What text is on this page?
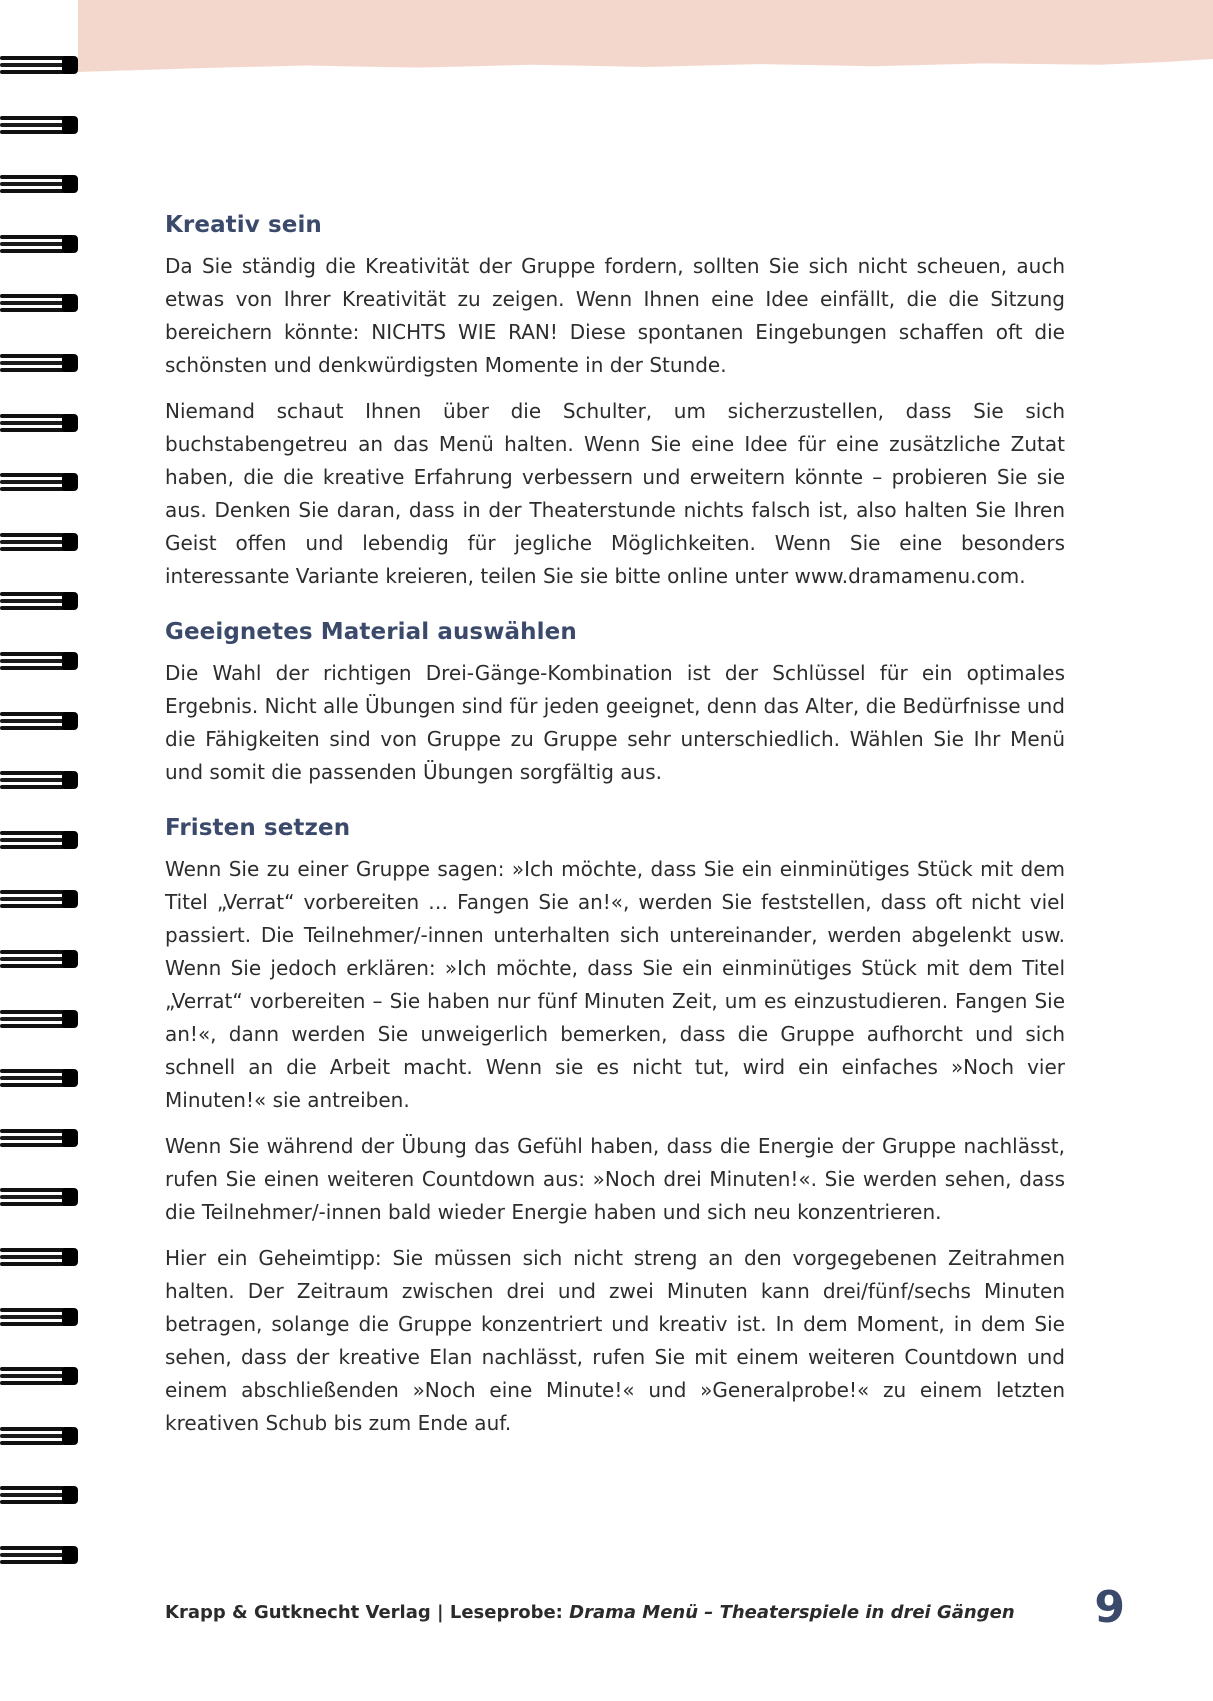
Kreativ sein

Da Sie ständig die Kreativität der Gruppe fordern, sollten Sie sich nicht scheuen, auch etwas von Ihrer Kreativität zu zeigen. Wenn Ihnen eine Idee einfällt, die die Sitzung bereichern könnte: NICHTS WIE RAN! Diese spontanen Eingebungen schaffen oft die schönsten und denkwürdigsten Momente in der Stunde.

Niemand schaut Ihnen über die Schulter, um sicherzustellen, dass Sie sich buchstabengetreu an das Menü halten. Wenn Sie eine Idee für eine zusätzliche Zutat haben, die die kreative Erfahrung verbessern und erweitern könnte – probieren Sie sie aus. Denken Sie daran, dass in der Theaterstunde nichts falsch ist, also halten Sie Ihren Geist offen und lebendig für jegliche Möglichkeiten. Wenn Sie eine besonders interessante Variante kreieren, teilen Sie sie bitte online unter www.dramamenu.com.

Geeignetes Material auswählen

Die Wahl der richtigen Drei-Gänge-Kombination ist der Schlüssel für ein optimales Ergebnis. Nicht alle Übungen sind für jeden geeignet, denn das Alter, die Bedürfnisse und die Fähigkeiten sind von Gruppe zu Gruppe sehr unterschiedlich. Wählen Sie Ihr Menü und somit die passenden Übungen sorgfältig aus.

Fristen setzen

Wenn Sie zu einer Gruppe sagen: »Ich möchte, dass Sie ein einminütiges Stück mit dem Titel „Verrat“ vorbereiten … Fangen Sie an!«, werden Sie feststellen, dass oft nicht viel passiert. Die Teilnehmer/-innen unterhalten sich untereinander, werden abgelenkt usw. Wenn Sie jedoch erklären: »Ich möchte, dass Sie ein einminütiges Stück mit dem Titel „Verrat“ vorbereiten – Sie haben nur fünf Minuten Zeit, um es einzustudieren. Fangen Sie an!«, dann werden Sie unweigerlich bemerken, dass die Gruppe aufhorcht und sich schnell an die Arbeit macht. Wenn sie es nicht tut, wird ein einfaches »Noch vier Minuten!« sie antreiben.

Wenn Sie während der Übung das Gefühl haben, dass die Energie der Gruppe nachlässt, rufen Sie einen weiteren Countdown aus: »Noch drei Minuten!«. Sie werden sehen, dass die Teilnehmer/-innen bald wieder Energie haben und sich neu konzentrieren.

Hier ein Geheimtipp: Sie müssen sich nicht streng an den vorgegebenen Zeitrahmen halten. Der Zeitraum zwischen drei und zwei Minuten kann drei/fünf/sechs Minuten betragen, solange die Gruppe konzentriert und kreativ ist. In dem Moment, in dem Sie sehen, dass der kreative Elan nachlässt, rufen Sie mit einem weiteren Countdown und einem abschließenden »Noch eine Minute!« und »Generalprobe!« zu einem letzten kreativen Schub bis zum Ende auf.

Krapp & Gutknecht Verlag | Leseprobe: Drama Menü – Theaterspiele in drei Gängen 9
